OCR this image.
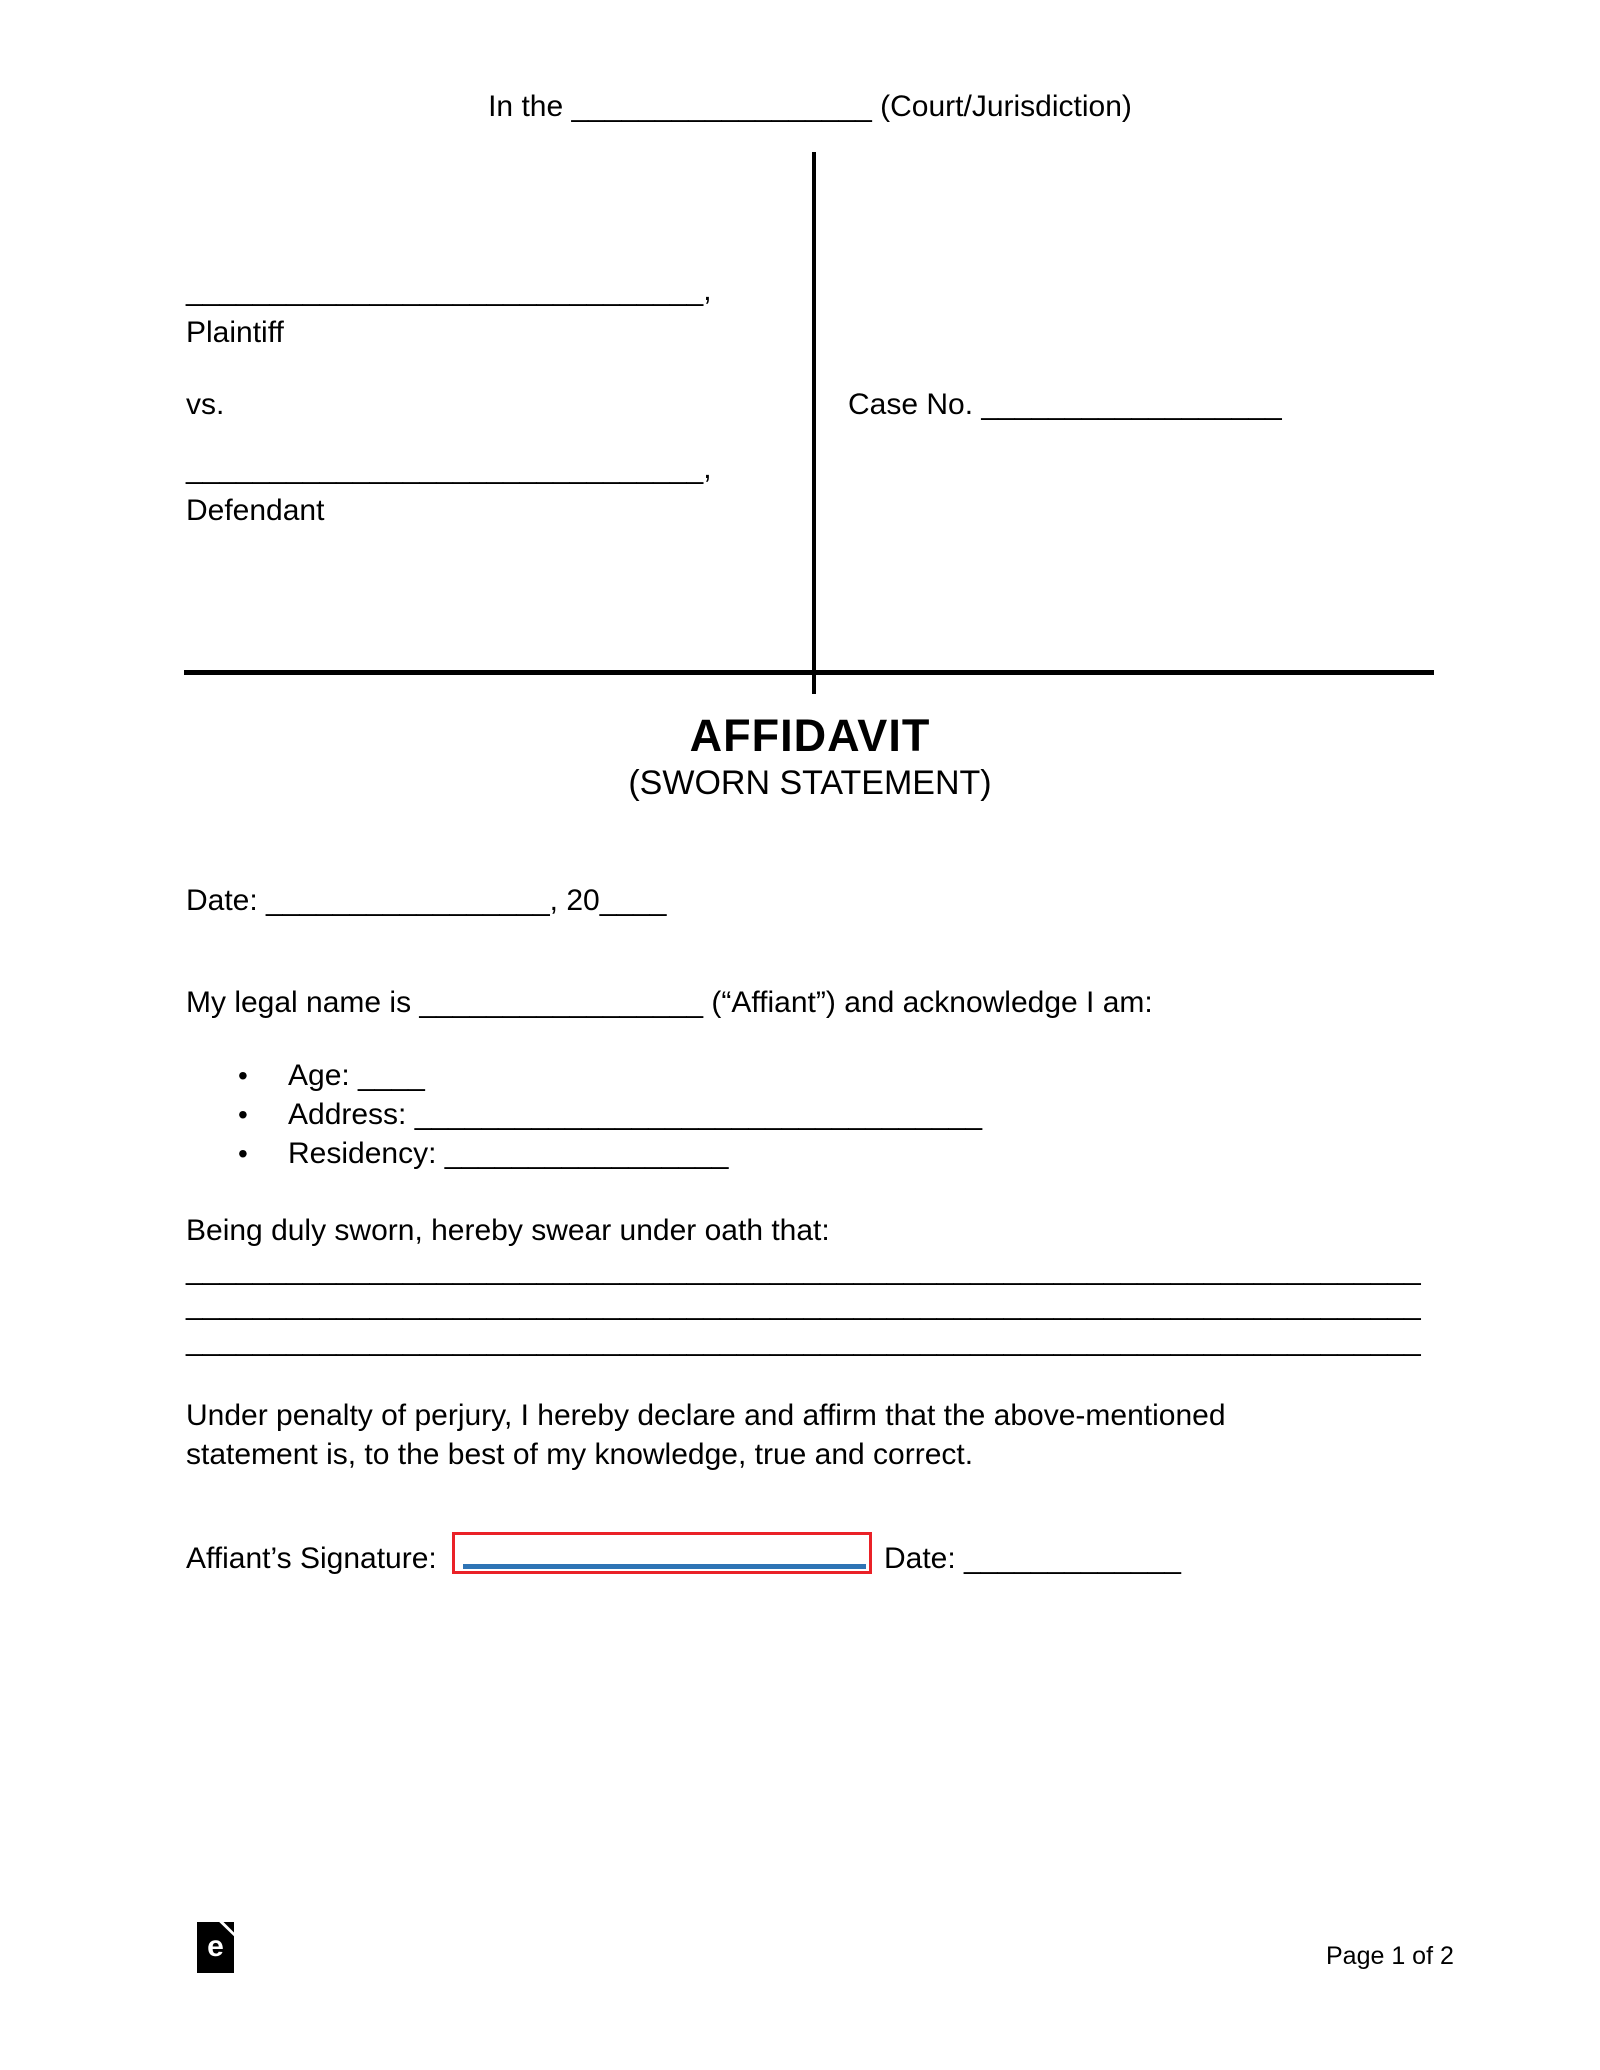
In the __________________ (Court/Jurisdiction)
_______________________________,
Plaintiff
vs.
_______________________________,
Defendant
Case No. __________________
AFFIDAVIT
(SWORN STATEMENT)
Date: _________________, 20____
My legal name is _________________ (“Affiant”) and acknowledge I am:
• Age: ____
• Address: __________________________________
• Residency: _________________
Being duly sworn, hereby swear under oath that:
__________________________________________________________________________
__________________________________________________________________________
__________________________________________________________________________
Under penalty of perjury, I hereby declare and affirm that the above-mentioned statement is, to the best of my knowledge, true and correct.
Affiant’s Signature:	Date: _____________
e	Page 1 of 2
